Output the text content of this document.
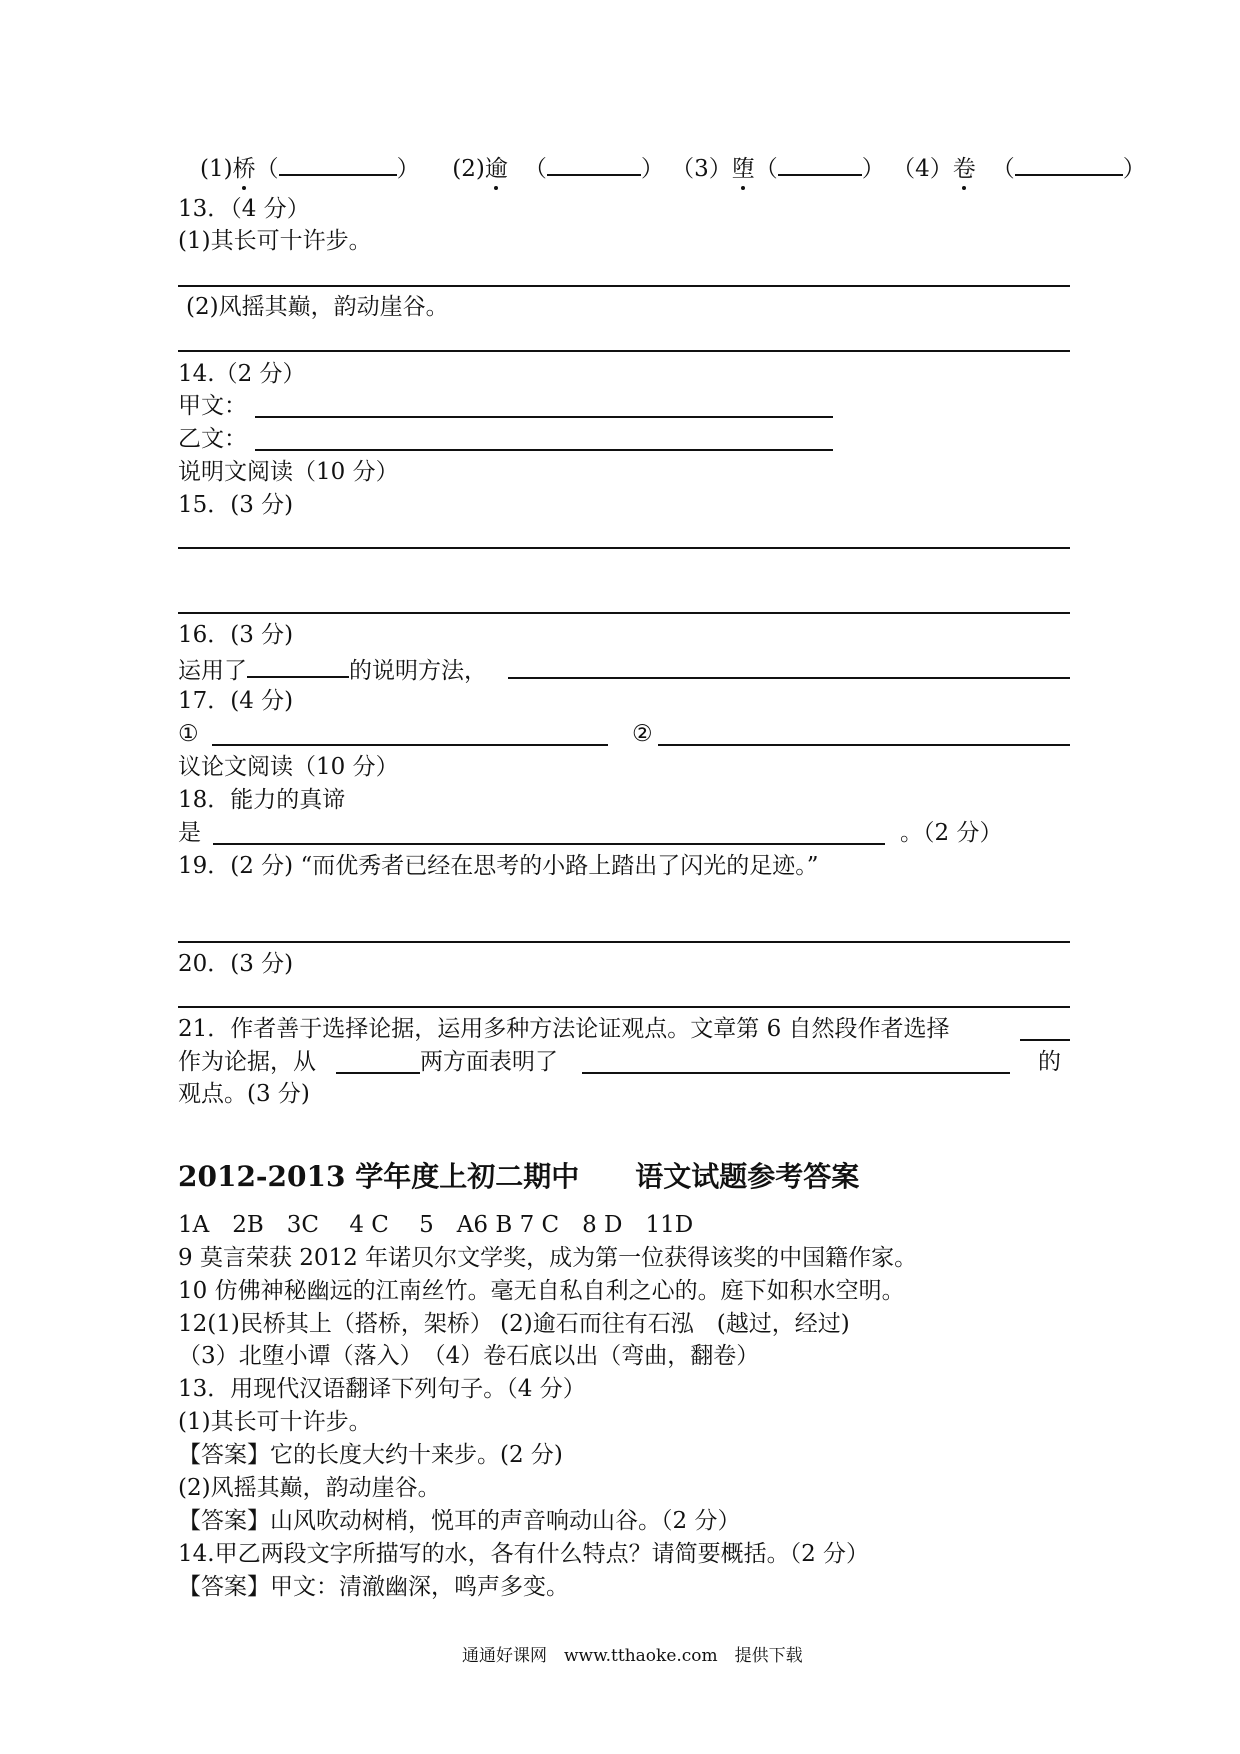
(1)桥（	） (2)逾 （	） （3）堕（	） （4）卷 （	）
13．（4 分）
(1)其长可十许步。
(2)风摇其巅，韵动崖谷。
14.（2 分）
甲文：
乙文：
说明文阅读（10 分）
15．(3 分)
16．(3 分)
运用了	的说明方法，
17．(4 分)
①	②
议论文阅读（10 分）
18．能力的真谛
是	。（2 分）
19．(2 分) “而优秀者已经在思考的小路上踏出了闪光的足迹。”
20．(3 分)
21．作者善于选择论据，运用多种方法论证观点。文章第 6 自然段作者选择
作为论据，从	两方面表明了	的
观点。(3 分)
2012-2013 学年度上初二期中　　语文试题参考答案
1A　2B　3C　 4 C　 5　A6 B 7 C　8 D　11D
9 莫言荣获 2012 年诺贝尔文学奖，成为第一位获得该奖的中国籍作家。
10 仿佛神秘幽远的江南丝竹。毫无自私自利之心的。庭下如积水空明。
12(1)民桥其上（搭桥，架桥） (2)逾石而往有石泓　(越过，经过)
（3）北堕小谭（落入）　（4）卷石底以出（弯曲，翻卷）
13．用现代汉语翻译下列句子。（4 分）
(1)其长可十许步。
【答案】它的长度大约十来步。(2 分)
(2)风摇其巅，韵动崖谷。
【答案】山风吹动树梢，悦耳的声音响动山谷。（2 分）
14.甲乙两段文字所描写的水，各有什么特点？请简要概括。（2 分）
【答案】甲文：清澈幽深，鸣声多变。
通通好课网　www.tthaoke.com　提供下载
